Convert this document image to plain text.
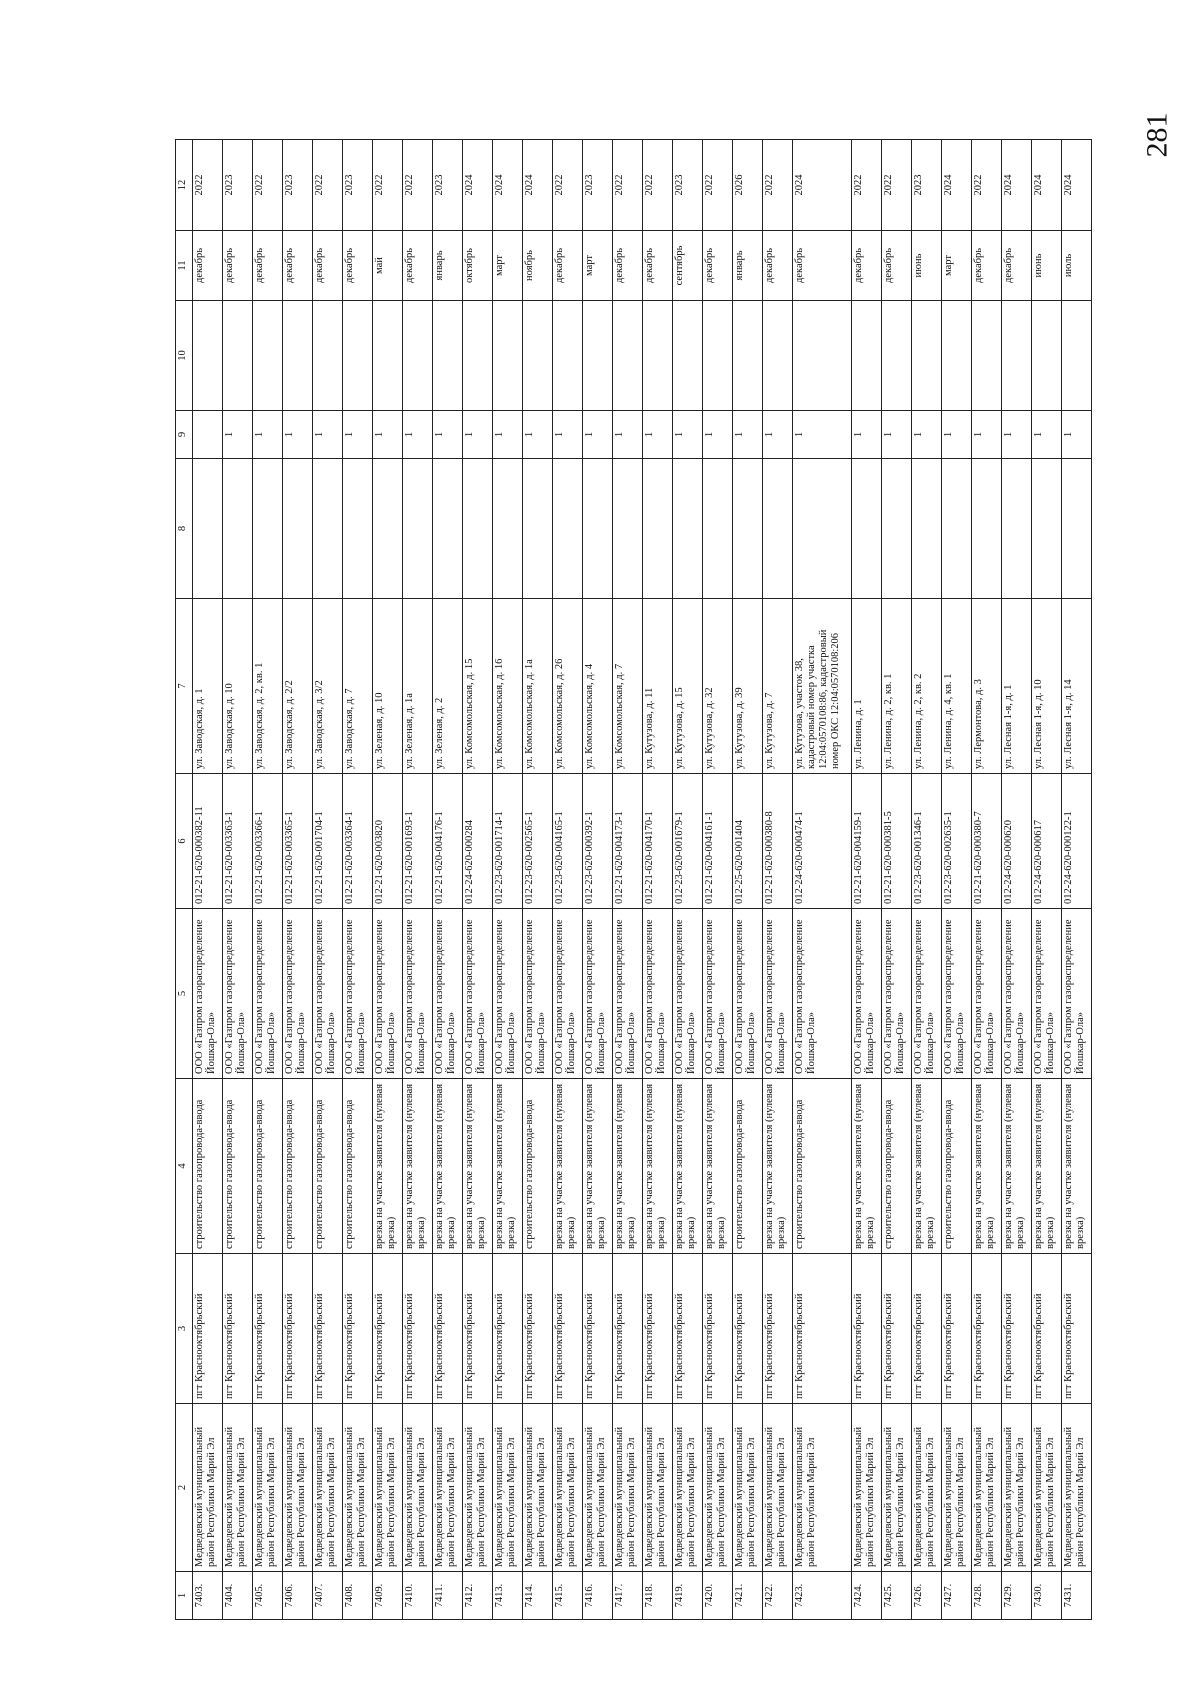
281
1	2	3	4	5	6	7	8	9	10	11	12
7403.	Медведевский муниципальный район Республики Марий Эл	пгт Краснооктябрьский	строительство газопровода-ввода	ООО «Газпром газораспределение Йошкар-Ола»	012-21-620-000382-11	ул. Заводская, д. 1				декабрь	2022
7404.	Медведевский муниципальный район Республики Марий Эл	пгт Краснооктябрьский	строительство газопровода-ввода	ООО «Газпром газораспределение Йошкар-Ола»	012-21-620-003363-1	ул. Заводская, д. 10		1		декабрь	2023
7405.	Медведевский муниципальный район Республики Марий Эл	пгт Краснооктябрьский	строительство газопровода-ввода	ООО «Газпром газораспределение Йошкар-Ола»	012-21-620-003366-1	ул. Заводская, д. 2, кв. 1		1		декабрь	2022
7406.	Медведевский муниципальный район Республики Марий Эл	пгт Краснооктябрьский	строительство газопровода-ввода	ООО «Газпром газораспределение Йошкар-Ола»	012-21-620-003365-1	ул. Заводская, д. 2/2		1		декабрь	2023
7407.	Медведевский муниципальный район Республики Марий Эл	пгт Краснооктябрьский	строительство газопровода-ввода	ООО «Газпром газораспределение Йошкар-Ола»	012-21-620-001704-1	ул. Заводская, д. 3/2		1		декабрь	2022
7408.	Медведевский муниципальный район Республики Марий Эл	пгт Краснооктябрьский	строительство газопровода-ввода	ООО «Газпром газораспределение Йошкар-Ола»	012-21-620-003364-1	ул. Заводская, д. 7		1		декабрь	2023
7409.	Медведевский муниципальный район Республики Марий Эл	пгт Краснооктябрьский	врезка на участке заявителя (нулевая врезка)	ООО «Газпром газораспределение Йошкар-Ола»	012-21-620-003820	ул. Зеленая, д. 10		1		май	2022
7410.	Медведевский муниципальный район Республики Марий Эл	пгт Краснооктябрьский	врезка на участке заявителя (нулевая врезка)	ООО «Газпром газораспределение Йошкар-Ола»	012-21-620-001693-1	ул. Зеленая, д. 1а		1		декабрь	2022
7411.	Медведевский муниципальный район Республики Марий Эл	пгт Краснооктябрьский	врезка на участке заявителя (нулевая врезка)	ООО «Газпром газораспределение Йошкар-Ола»	012-21-620-004176-1	ул. Зеленая, д. 2		1		январь	2023
7412.	Медведевский муниципальный район Республики Марий Эл	пгт Краснооктябрьский	врезка на участке заявителя (нулевая врезка)	ООО «Газпром газораспределение Йошкар-Ола»	012-24-620-000284	ул. Комсомольская, д. 15		1		октябрь	2024
7413.	Медведевский муниципальный район Республики Марий Эл	пгт Краснооктябрьский	врезка на участке заявителя (нулевая врезка)	ООО «Газпром газораспределение Йошкар-Ола»	012-23-620-001714-1	ул. Комсомольская, д. 16		1		март	2024
7414.	Медведевский муниципальный район Республики Марий Эл	пгт Краснооктябрьский	строительство газопровода-ввода	ООО «Газпром газораспределение Йошкар-Ола»	012-23-620-002565-1	ул. Комсомольская, д. 1а		1		ноябрь	2024
7415.	Медведевский муниципальный район Республики Марий Эл	пгт Краснооктябрьский	врезка на участке заявителя (нулевая врезка)	ООО «Газпром газораспределение Йошкар-Ола»	012-23-620-004165-1	ул. Комсомольская, д. 26		1		декабрь	2022
7416.	Медведевский муниципальный район Республики Марий Эл	пгт Краснооктябрьский	врезка на участке заявителя (нулевая врезка)	ООО «Газпром газораспределение Йошкар-Ола»	012-23-620-000392-1	ул. Комсомольская, д. 4		1		март	2023
7417.	Медведевский муниципальный район Республики Марий Эл	пгт Краснооктябрьский	врезка на участке заявителя (нулевая врезка)	ООО «Газпром газораспределение Йошкар-Ола»	012-21-620-004173-1	ул. Комсомольская, д. 7		1		декабрь	2022
7418.	Медведевский муниципальный район Республики Марий Эл	пгт Краснооктябрьский	врезка на участке заявителя (нулевая врезка)	ООО «Газпром газораспределение Йошкар-Ола»	012-21-620-004170-1	ул. Кутузова, д. 11		1		декабрь	2022
7419.	Медведевский муниципальный район Республики Марий Эл	пгт Краснооктябрьский	врезка на участке заявителя (нулевая врезка)	ООО «Газпром газораспределение Йошкар-Ола»	012-23-620-001679-1	ул. Кутузова, д. 15		1		сентябрь	2023
7420.	Медведевский муниципальный район Республики Марий Эл	пгт Краснооктябрьский	врезка на участке заявителя (нулевая врезка)	ООО «Газпром газораспределение Йошкар-Ола»	012-21-620-004161-1	ул. Кутузова, д. 32		1		декабрь	2022
7421.	Медведевский муниципальный район Республики Марий Эл	пгт Краснооктябрьский	строительство газопровода-ввода	ООО «Газпром газораспределение Йошкар-Ола»	012-25-620-001404	ул. Кутузова, д. 39		1		январь	2026
7422.	Медведевский муниципальный район Республики Марий Эл	пгт Краснооктябрьский	врезка на участке заявителя (нулевая врезка)	ООО «Газпром газораспределение Йошкар-Ола»	012-21-620-000380-8	ул. Кутузова, д. 7		1		декабрь	2022
7423.	Медведевский муниципальный район Республики Марий Эл	пгт Краснооктябрьский	строительство газопровода-ввода	ООО «Газпром газораспределение Йошкар-Ола»	012-24-620-000474-1	ул. Кутузова, участок 38, кадастровый номер участка 12:04:0570108:86, кадастровый номер ОКС 12:04:0570108:206		1		декабрь	2024
7424.	Медведевский муниципальный район Республики Марий Эл	пгт Краснооктябрьский	врезка на участке заявителя (нулевая врезка)	ООО «Газпром газораспределение Йошкар-Ола»	012-21-620-004159-1	ул. Ленина, д. 1		1		декабрь	2022
7425.	Медведевский муниципальный район Республики Марий Эл	пгт Краснооктябрьский	строительство газопровода-ввода	ООО «Газпром газораспределение Йошкар-Ола»	012-21-620-000381-5	ул. Ленина, д. 2, кв. 1		1		декабрь	2022
7426.	Медведевский муниципальный район Республики Марий Эл	пгт Краснооктябрьский	врезка на участке заявителя (нулевая врезка)	ООО «Газпром газораспределение Йошкар-Ола»	012-23-620-001346-1	ул. Ленина, д. 2, кв. 2		1		июнь	2023
7427.	Медведевский муниципальный район Республики Марий Эл	пгт Краснооктябрьский	строительство газопровода-ввода	ООО «Газпром газораспределение Йошкар-Ола»	012-23-620-002635-1	ул. Ленина, д. 4, кв. 1		1		март	2024
7428.	Медведевский муниципальный район Республики Марий Эл	пгт Краснооктябрьский	врезка на участке заявителя (нулевая врезка)	ООО «Газпром газораспределение Йошкар-Ола»	012-21-620-000380-7	ул. Лермонтова, д. 3		1		декабрь	2022
7429.	Медведевский муниципальный район Республики Марий Эл	пгт Краснооктябрьский	врезка на участке заявителя (нулевая врезка)	ООО «Газпром газораспределение Йошкар-Ола»	012-24-620-000620	ул. Лесная 1-я, д. 1		1		декабрь	2024
7430.	Медведевский муниципальный район Республики Марий Эл	пгт Краснооктябрьский	врезка на участке заявителя (нулевая врезка)	ООО «Газпром газораспределение Йошкар-Ола»	012-24-620-000617	ул. Лесная 1-я, д. 10		1		июнь	2024
7431.	Медведевский муниципальный район Республики Марий Эл	пгт Краснооктябрьский	врезка на участке заявителя (нулевая врезка)	ООО «Газпром газораспределение Йошкар-Ола»	012-24-620-000122-1	ул. Лесная 1-я, д. 14		1		июль	2024
